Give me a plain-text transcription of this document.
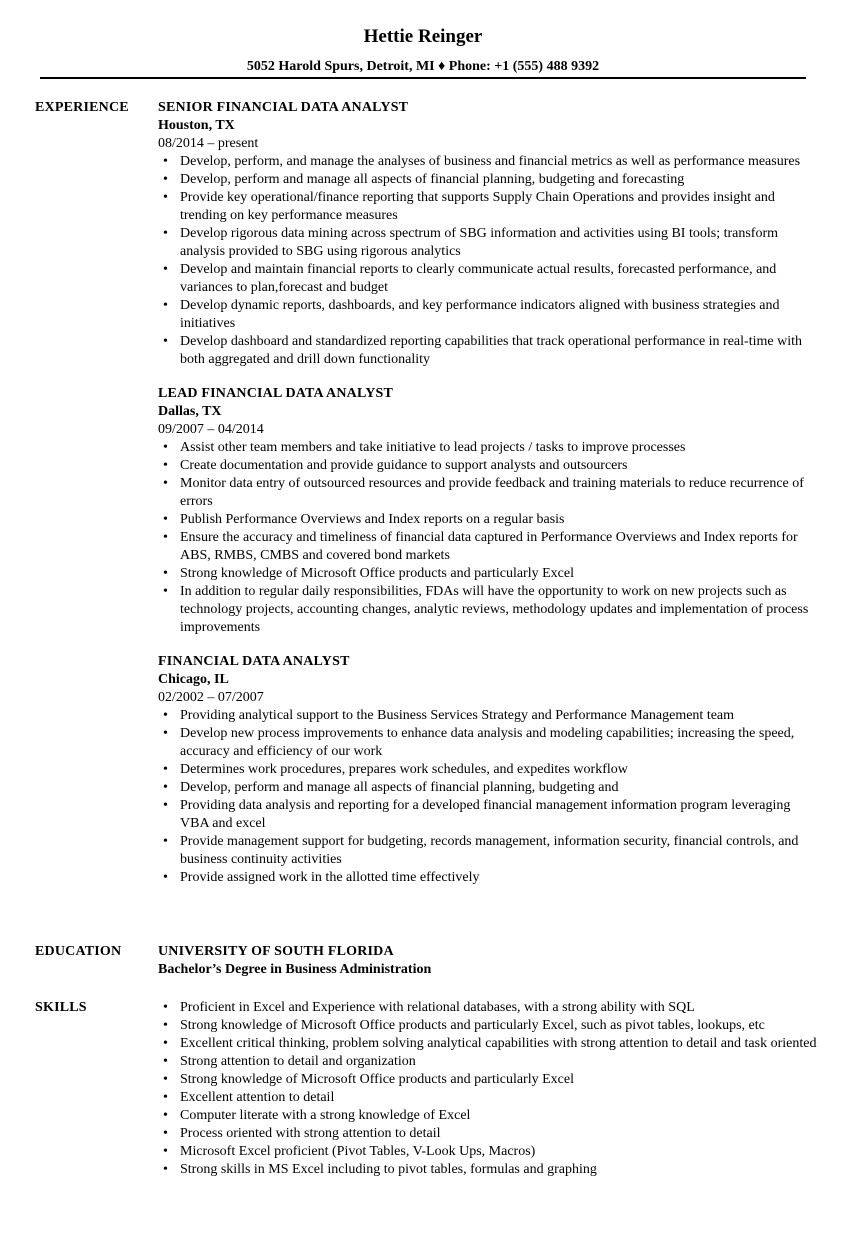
Hettie Reinger
5052 Harold Spurs, Detroit, MI ♦ Phone: +1 (555) 488 9392
EXPERIENCE SENIOR FINANCIAL DATA ANALYST
Houston, TX
08/2014 – present
• Develop, perform, and manage the analyses of business and financial metrics as well as performance measures
• Develop, perform and manage all aspects of financial planning, budgeting and forecasting
• Provide key operational/finance reporting that supports Supply Chain Operations and provides insight and trending on key performance measures
• Develop rigorous data mining across spectrum of SBG information and activities using BI tools; transform analysis provided to SBG using rigorous analytics
• Develop and maintain financial reports to clearly communicate actual results, forecasted performance, and variances to plan,forecast and budget
• Develop dynamic reports, dashboards, and key performance indicators aligned with business strategies and initiatives
• Develop dashboard and standardized reporting capabilities that track operational performance in real-time with both aggregated and drill down functionality
LEAD FINANCIAL DATA ANALYST
Dallas, TX
09/2007 – 04/2014
• Assist other team members and take initiative to lead projects / tasks to improve processes
• Create documentation and provide guidance to support analysts and outsourcers
• Monitor data entry of outsourced resources and provide feedback and training materials to reduce recurrence of errors
• Publish Performance Overviews and Index reports on a regular basis
• Ensure the accuracy and timeliness of financial data captured in Performance Overviews and Index reports for ABS, RMBS, CMBS and covered bond markets
• Strong knowledge of Microsoft Office products and particularly Excel
• In addition to regular daily responsibilities, FDAs will have the opportunity to work on new projects such as technology projects, accounting changes, analytic reviews, methodology updates and implementation of process improvements
FINANCIAL DATA ANALYST
Chicago, IL
02/2002 – 07/2007
• Providing analytical support to the Business Services Strategy and Performance Management team
• Develop new process improvements to enhance data analysis and modeling capabilities; increasing the speed, accuracy and efficiency of our work
• Determines work procedures, prepares work schedules, and expedites workflow
• Develop, perform and manage all aspects of financial planning, budgeting and
• Providing data analysis and reporting for a developed financial management information program leveraging VBA and excel
• Provide management support for budgeting, records management, information security, financial controls, and business continuity activities
• Provide assigned work in the allotted time effectively
EDUCATION	UNIVERSITY OF SOUTH FLORIDA
Bachelor’s Degree in Business Administration
SKILLS
•	Proficient in Excel and Experience with relational databases, with a strong ability with SQL
• Strong knowledge of Microsoft Office products and particularly Excel, such as pivot tables, lookups, etc
• Excellent critical thinking, problem solving analytical capabilities with strong attention to detail and task oriented
• Strong attention to detail and organization
• Strong knowledge of Microsoft Office products and particularly Excel
• Excellent attention to detail
• Computer literate with a strong knowledge of Excel
• Process oriented with strong attention to detail
• Microsoft Excel proficient (Pivot Tables, V-Look Ups, Macros)
• Strong skills in MS Excel including to pivot tables, formulas and graphing
